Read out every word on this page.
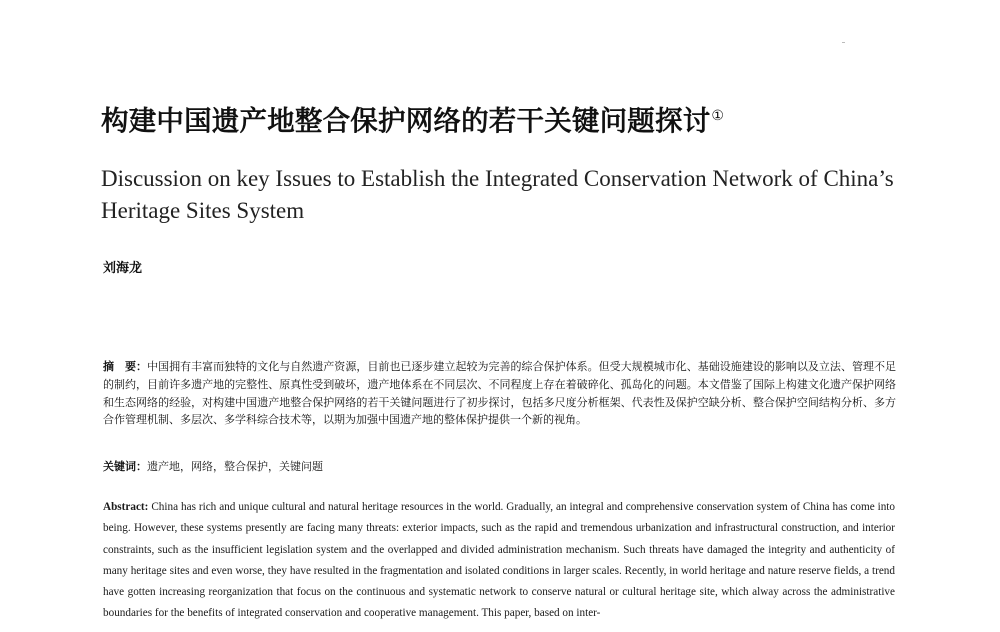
构建中国遗产地整合保护网络的若干关键问题探讨①
Discussion on key Issues to Establish the Integrated Conservation Network of China’s Heritage Sites System
刘海龙
摘　要：中国拥有丰富而独特的文化与自然遗产资源，目前也已逐步建立起较为完善的综合保护体系。但受大规模城市化、基础设施建设的影响以及立法、管理不足的制约，目前许多遗产地的完整性、原真性受到破坏，遗产地体系在不同层次、不同程度上存在着破碎化、孤岛化的问题。本文借鉴了国际上构建文化遗产保护网络和生态网络的经验，对构建中国遗产地整合保护网络的若干关键问题进行了初步探讨，包括多尺度分析框架、代表性及保护空缺分析、整合保护空间结构分析、多方合作管理机制、多层次、多学科综合技术等，以期为加强中国遗产地的整体保护提供一个新的视角。
关键词：遗产地，网络，整合保护，关键问题
Abstract: China has rich and unique cultural and natural heritage resources in the world. Gradually, an integral and comprehensive conservation system of China has come into being. However, these systems presently are facing many threats: exterior impacts, such as the rapid and tremendous urbanization and infrastructural construction, and interior constraints, such as the insufficient legislation system and the overlapped and divided administration mechanism. Such threats have damaged the integrity and authenticity of many heritage sites and even worse, they have resulted in the fragmentation and isolated conditions in larger scales. Recently, in world heritage and nature reserve fields, a trend have gotten increasing reorganization that focus on the continuous and systematic network to conserve natural or cultural heritage site, which alway across the administrative boundaries for the benefits of integrated conservation and cooperative management. This paper, based on inter-
